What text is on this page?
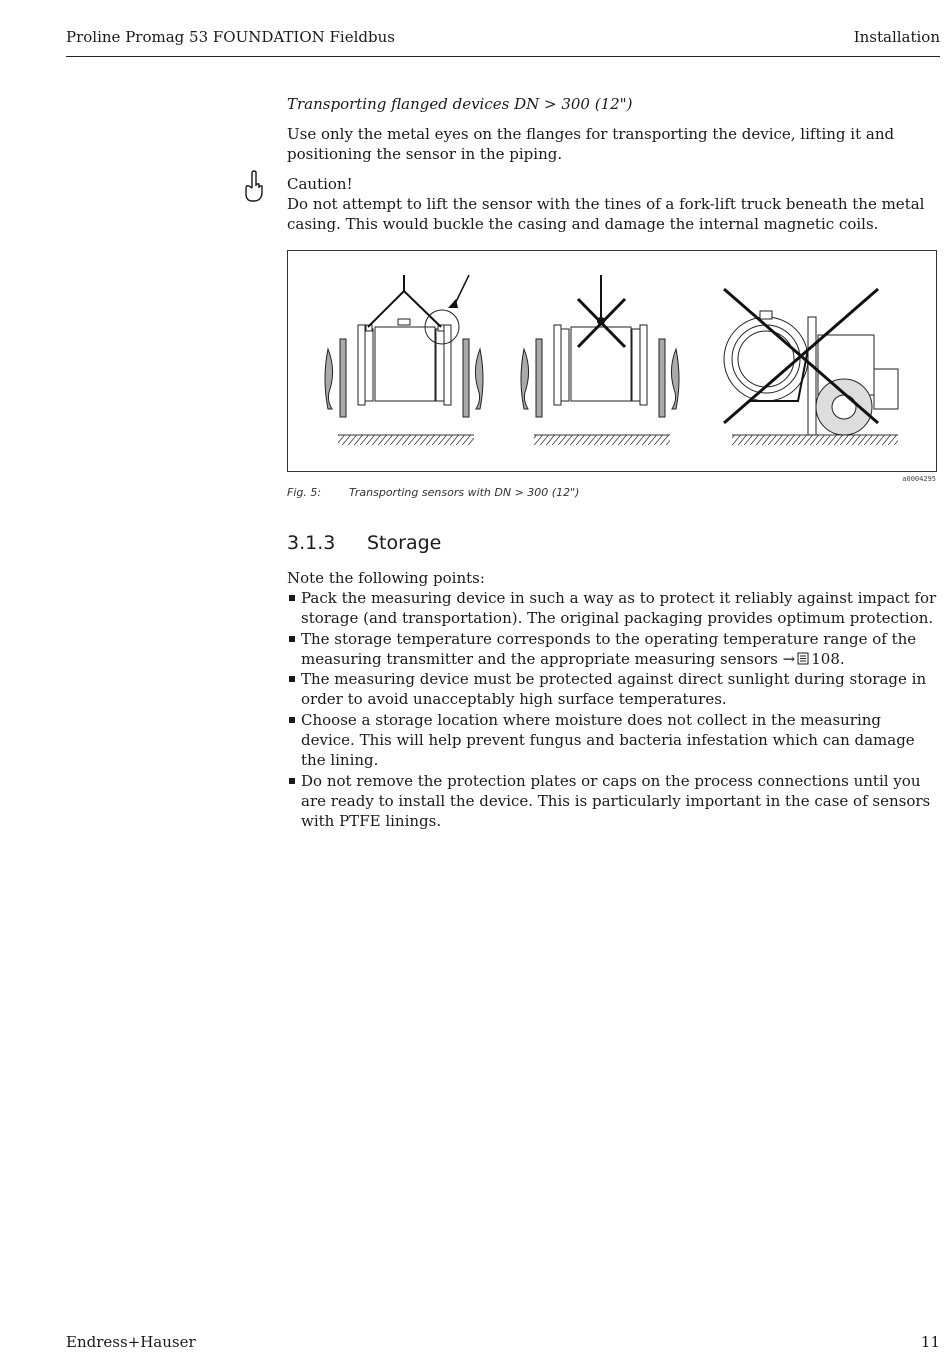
Proline Promag 53 FOUNDATION Fieldbus	Installation
Transporting flanged devices DN > 300 (12")

Use only the metal eyes on the flanges for transporting the device, lifting it and positioning the sensor in the piping.

Caution!
Do not attempt to lift the sensor with the tines of a fork-lift truck beneath the metal casing. This would buckle the casing and damage the internal magnetic coils.
a0004295
Fig. 5:	Transporting sensors with DN > 300 (12")
3.1.3 Storage
Note the following points:
Pack the measuring device in such a way as to protect it reliably against impact for storage (and transportation). The original packaging provides optimum protection.
The storage temperature corresponds to the operating temperature range of the measuring transmitter and the appropriate measuring sensors → 108.
The measuring device must be protected against direct sunlight during storage in order to avoid unacceptably high surface temperatures.
Choose a storage location where moisture does not collect in the measuring device. This will help prevent fungus and bacteria infestation which can damage the lining.
Do not remove the protection plates or caps on the process connections until you are ready to install the device. This is particularly important in the case of sensors with PTFE linings.
Endress+Hauser	11
